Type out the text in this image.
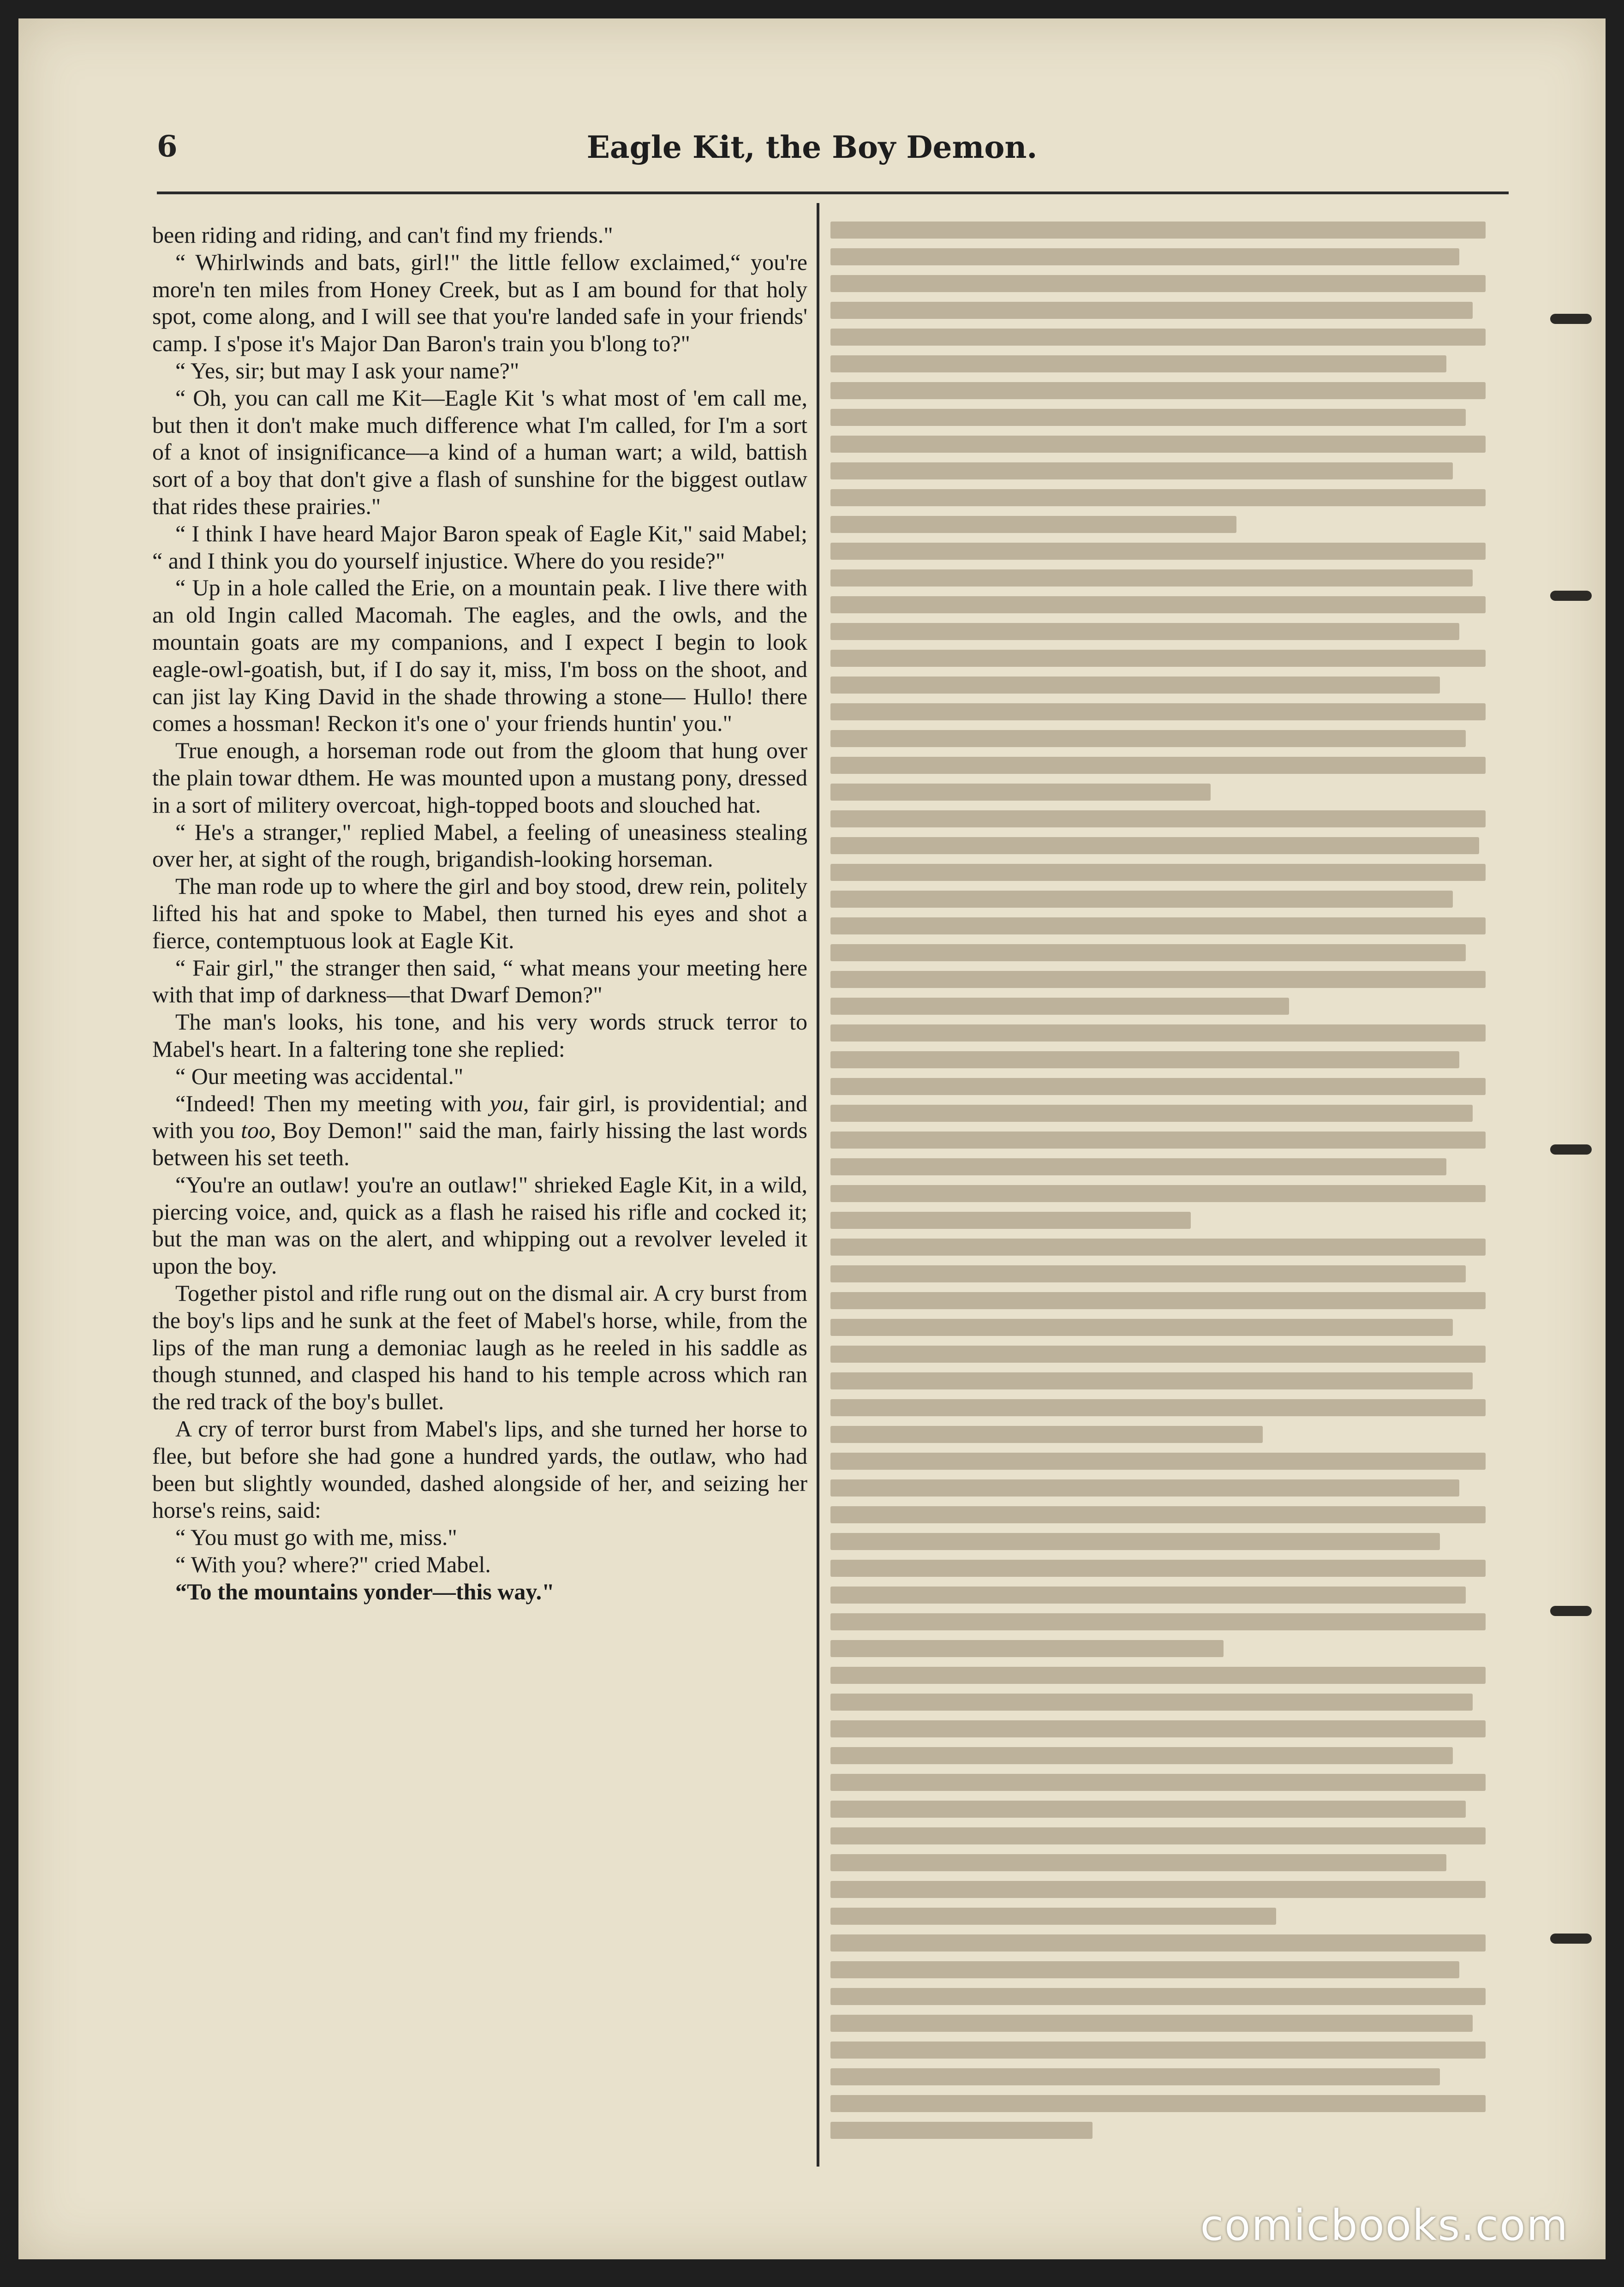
6	Eagle Kit, the Boy Demon.

been riding and riding, and can't find my friends."

“ Whirlwinds and bats, girl!" the little fellow exclaimed,“ you're more'n ten miles from Honey Creek, but as I am bound for that holy spot, come along, and I will see that you're landed safe in your friends' camp. I s'pose it's Major Dan Baron's train you b'long to?"

“ Yes, sir; but may I ask your name?"

“ Oh, you can call me Kit—Eagle Kit 's what most of 'em call me, but then it don't make much difference what I'm called, for I'm a sort of a knot of insignificance—a kind of a human wart; a wild, battish sort of a boy that don't give a flash of sunshine for the biggest outlaw that rides these prairies."

“ I think I have heard Major Baron speak of Eagle Kit," said Mabel; “ and I think you do yourself injustice. Where do you reside?"

“ Up in a hole called the Erie, on a mountain peak. I live there with an old Ingin called Macomah. The eagles, and the owls, and the mountain goats are my companions, and I expect I begin to look eagle-owl-goatish, but, if I do say it, miss, I'm boss on the shoot, and can jist lay King David in the shade throwing a stone— Hullo! there comes a hossman! Reckon it's one o' your friends huntin' you."

True enough, a horseman rode out from the gloom that hung over the plain towar dthem. He was mounted upon a mustang pony, dressed in a sort of militery overcoat, high-topped boots and slouched hat.

“ He's a stranger," replied Mabel, a feeling of uneasiness stealing over her, at sight of the rough, brigandish-looking horseman.

The man rode up to where the girl and boy stood, drew rein, politely lifted his hat and spoke to Mabel, then turned his eyes and shot a fierce, contemptuous look at Eagle Kit.

“ Fair girl," the stranger then said, “ what means your meeting here with that imp of darkness—that Dwarf Demon?"

The man's looks, his tone, and his very words struck terror to Mabel's heart. In a faltering tone she replied:

“ Our meeting was accidental."

“Indeed! Then my meeting with you, fair girl, is providential; and with you too, Boy Demon!" said the man, fairly hissing the last words between his set teeth.

“You're an outlaw! you're an outlaw!" shrieked Eagle Kit, in a wild, piercing voice, and, quick as a flash he raised his rifle and cocked it; but the man was on the alert, and whipping out a revolver leveled it upon the boy.

Together pistol and rifle rung out on the dismal air. A cry burst from the boy's lips and he sunk at the feet of Mabel's horse, while, from the lips of the man rung a demoniac laugh as he reeled in his saddle as though stunned, and clasped his hand to his temple across which ran the red track of the boy's bullet.

A cry of terror burst from Mabel's lips, and she turned her horse to flee, but before she had gone a hundred yards, the outlaw, who had been but slightly wounded, dashed alongside of her, and seizing her horse's reins, said:

“ You must go with me, miss."

“ With you? where?" cried Mabel.

“To the mountains yonder—this way."

comicbooks.com
